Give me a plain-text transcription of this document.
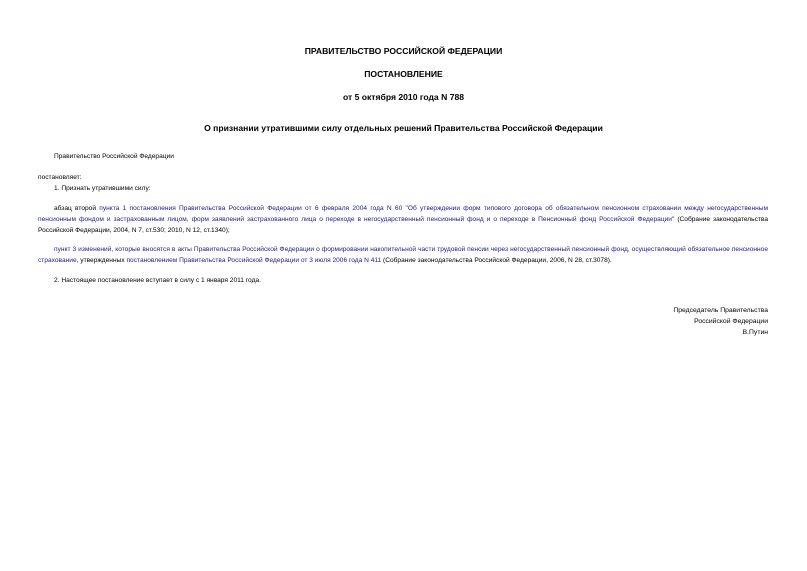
ПРАВИТЕЛЬСТВО РОССИЙСКОЙ ФЕДЕРАЦИИ
ПОСТАНОВЛЕНИЕ
от 5 октября 2010 года N 788
О признании утратившими силу отдельных решений Правительства Российской Федерации
Правительство Российской Федерации
постановляет:
1. Признать утратившими силу:
абзац второй пункта 1 постановления Правительства Российской Федерации от 6 февраля 2004 года N 60 "Об утверждении форм типового договора об обязательном пенсионном страховании между негосударственным пенсионным фондом и застрахованным лицом, форм заявлений застрахованного лица о переходе в негосударственный пенсионный фонд и о переходе в Пенсионный фонд Российской Федерации" (Собрание законодательства Российской Федерации, 2004, N 7, ст.530; 2010, N 12, ст.1340);
пункт 3 изменений, которые вносятся в акты Правительства Российской Федерации о формировании накопительной части трудовой пенсии через негосударственный пенсионный фонд, осуществляющий обязательное пенсионное страхование, утвержденных постановлением Правительства Российской Федерации от 3 июля 2006 года N 411 (Собрание законодательства Российской Федерации, 2006, N 28, ст.3078).
2. Настоящее постановление вступает в силу с 1 января 2011 года.
Председатель Правительства
Российской Федерации
В.Путин
